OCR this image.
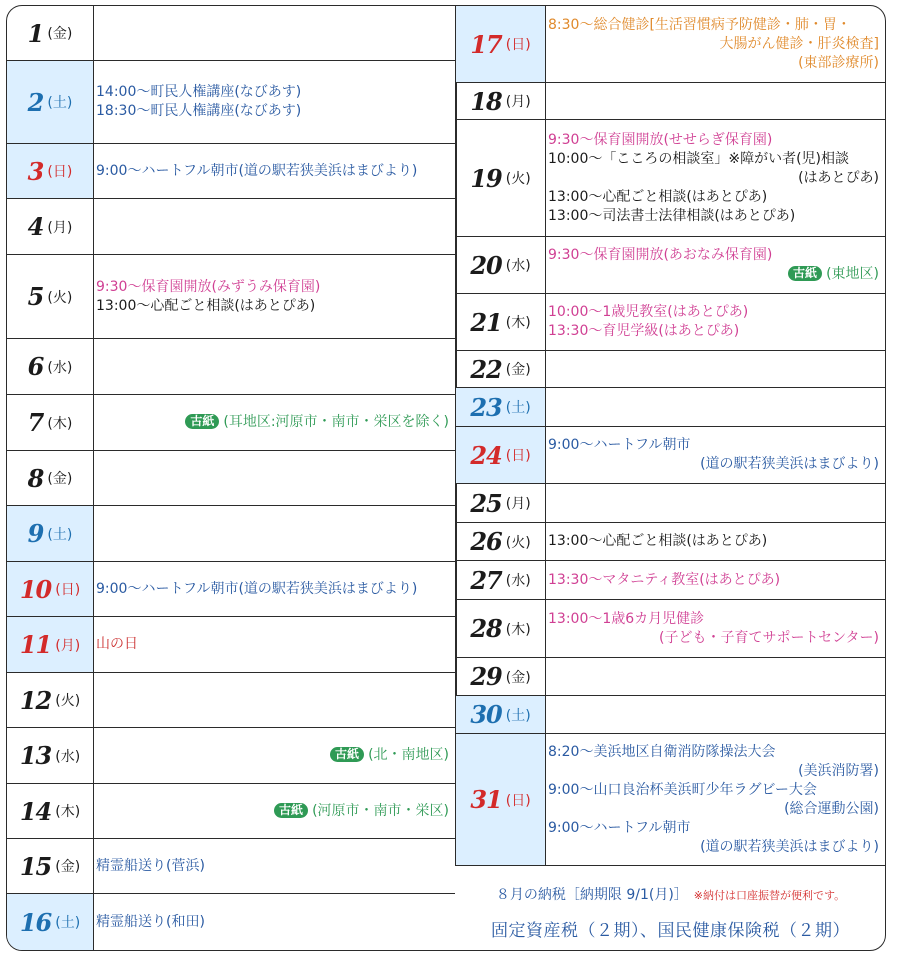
1 (金)
2 (土)
14:00～町民人権講座(なびあす)
18:30～町民人権講座(なびあす)
3 (日) 9:00～ハートフル朝市(道の駅若狭美浜はまびより)
4 (月)
5 (火)
9:30～保育園開放(みずうみ保育園)
13:00～心配ごと相談(はあとぴあ)
6 (水)
7 (木)	古紙 (耳地区:河原市・南市・栄区を除く)
8 (金)
9 (土)
10 (日) 9:00～ハートフル朝市(道の駅若狭美浜はまびより)
11 (月) 山の日
12 (火)
13 (水)	古紙 (北・南地区)
14 (木)	古紙 (河原市・南市・栄区)
15 (金) 精霊船送り(菅浜)
16 (土) 精霊船送り(和田)
17 (日)
8:30～総合健診[生活習慣病予防健診・肺・胃・
大腸がん健診・肝炎検査]
(東部診療所)
18 (月)
19 (火)
9:30～保育園開放(せせらぎ保育園)
10:00～「こころの相談室」※障がい者(児)相談
(はあとぴあ)
13:00～心配ごと相談(はあとぴあ)
13:00～司法書士法律相談(はあとぴあ)
20 (水)
9:30～保育園開放(あおなみ保育園)
古紙 (東地区)
21 (木)
10:00～1歳児教室(はあとぴあ)
13:30～育児学級(はあとぴあ)
22 (金)
23 (土)
24 (日)
9:00～ハートフル朝市
(道の駅若狭美浜はまびより)
25 (月)
26 (火) 13:00～心配ごと相談(はあとぴあ)
27 (水) 13:30～マタニティ教室(はあとぴあ)
28 (木)
13:00～1歳6カ月児健診
(子ども・子育てサポートセンター)
29 (金)
30 (土)
31 (日)
8:20～美浜地区自衛消防隊操法大会
(美浜消防署)
9:00～山口良治杯美浜町少年ラグビー大会
(総合運動公園)
9:00～ハートフル朝市
(道の駅若狭美浜はまびより)
８月の納税［納期限 9/1(月)］ ※納付は口座振替が便利です。
固定資産税（２期）、国民健康保険税（２期）
